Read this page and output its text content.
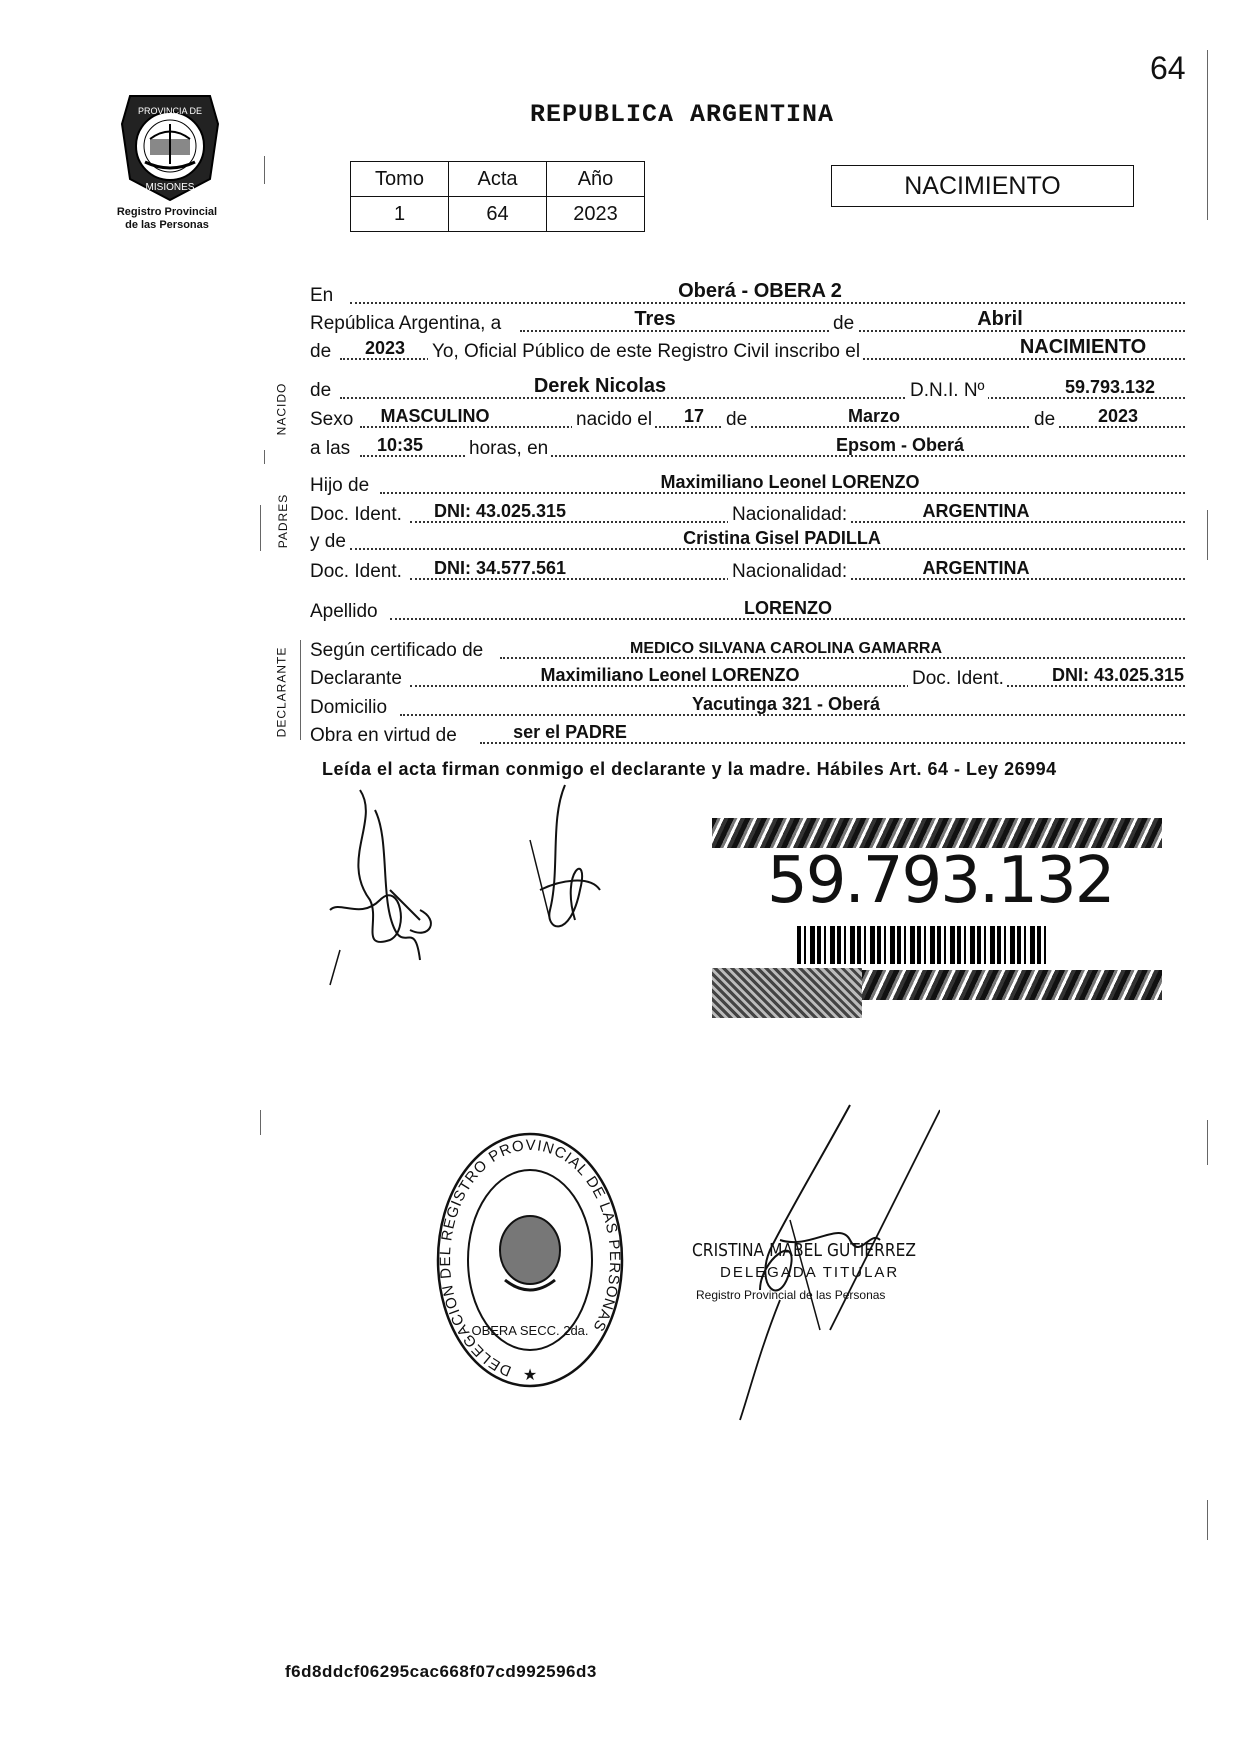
64
PROVINCIA DE
MISIONES
Registro Provincial
de las Personas
REPUBLICA ARGENTINA
Tomo	Acta	Año
1	64	2023
NACIMIENTO
NACIDO
PADRES
DECLARANTE
En	Oberá - OBERA 2
República Argentina, a	Tres	de	Abril
de 2023 Yo, Oficial Público de este Registro Civil inscribo el	NACIMIENTO
de	Derek Nicolas	D.N.I. Nº	59.793.132
Sexo MASCULINO	nacido el 17 de	Marzo	de 2023
a las 10:35 horas, en	Epsom - Oberá
Hijo de	Maximiliano Leonel LORENZO
Doc. Ident. DNI: 43.025.315	Nacionalidad:	ARGENTINA
y de	Cristina Gisel PADILLA
Doc. Ident. DNI: 34.577.561	Nacionalidad:	ARGENTINA
Apellido	LORENZO
Según certificado de	MEDICO SILVANA CAROLINA GAMARRA
Declarante	Maximiliano Leonel LORENZO	Doc. Ident.	DNI: 43.025.315
Domicilio	Yacutinga 321 - Oberá
Obra en virtud de	ser el PADRE
Leída el acta firman conmigo el declarante y la madre. Hábiles Art. 64 - Ley 26994
59.793.132
DELEGACION DEL REGISTRO PROVINCIAL DE LAS PERSONAS
OBERA SECC. 2da.
★
CRISTINA MABEL GUTIERREZ
DELEGADA TITULAR
Registro Provincial de las Personas
f6d8ddcf06295cac668f07cd992596d3
